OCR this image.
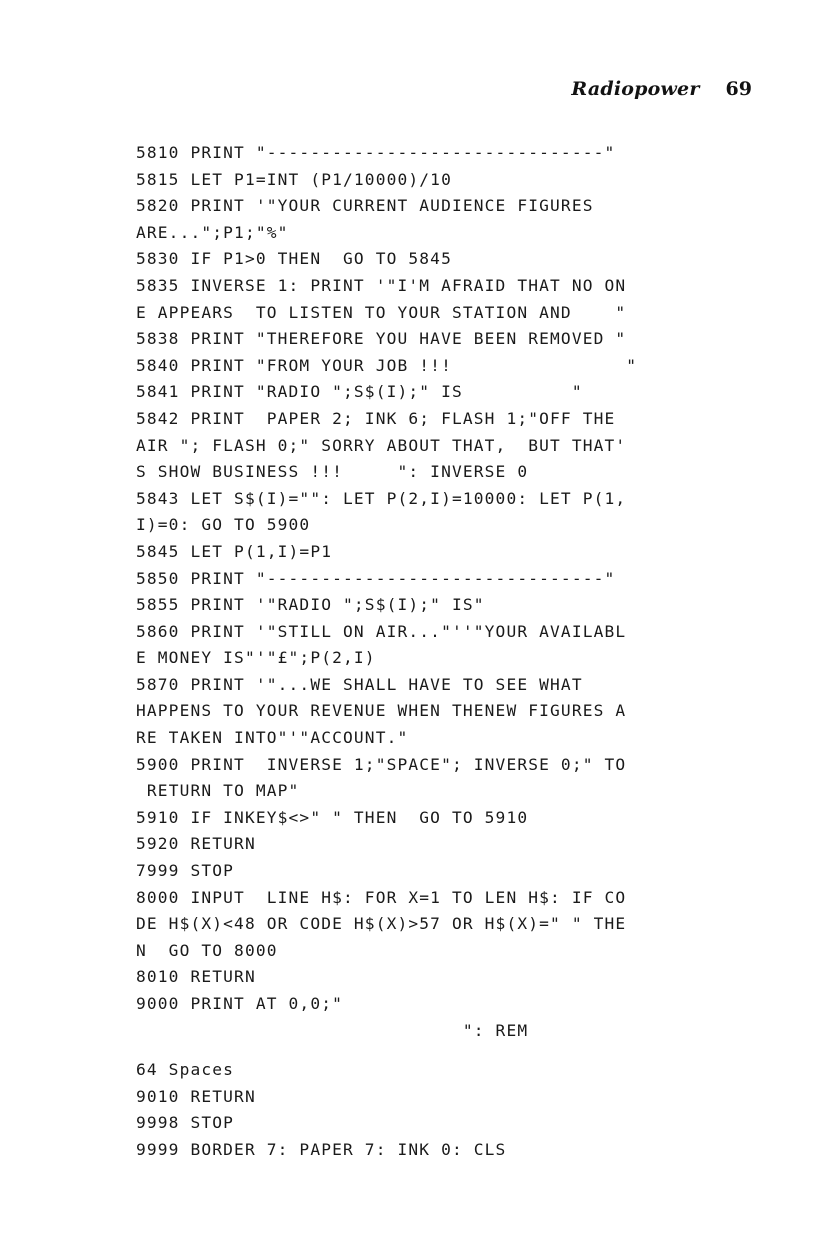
Radiopower 69
5810 PRINT "-------------------------------"
5815 LET P1=INT (P1/10000)/10
5820 PRINT '"YOUR CURRENT AUDIENCE FIGURES
ARE...";P1;"%"
5830 IF P1>0 THEN  GO TO 5845
5835 INVERSE 1: PRINT '"I'M AFRAID THAT NO ON
E APPEARS  TO LISTEN TO YOUR STATION AND    "
5838 PRINT "THEREFORE YOU HAVE BEEN REMOVED "
5840 PRINT "FROM YOUR JOB !!!                "
5841 PRINT "RADIO ";S$(I);" IS          "
5842 PRINT  PAPER 2; INK 6; FLASH 1;"OFF THE
AIR "; FLASH 0;" SORRY ABOUT THAT,  BUT THAT'
S SHOW BUSINESS !!!     ": INVERSE 0
5843 LET S$(I)="": LET P(2,I)=10000: LET P(1,
I)=0: GO TO 5900
5845 LET P(1,I)=P1
5850 PRINT "-------------------------------"
5855 PRINT '"RADIO ";S$(I);" IS"
5860 PRINT '"STILL ON AIR..."''"YOUR AVAILABL
E MONEY IS"'"£";P(2,I)
5870 PRINT '"...WE SHALL HAVE TO SEE WHAT
HAPPENS TO YOUR REVENUE WHEN THENEW FIGURES A
RE TAKEN INTO"'"ACCOUNT."
5900 PRINT  INVERSE 1;"SPACE"; INVERSE 0;" TO
RETURN TO MAP"
5910 IF INKEY$<>" " THEN  GO TO 5910
5920 RETURN
7999 STOP
8000 INPUT  LINE H$: FOR X=1 TO LEN H$: IF CO
DE H$(X)<48 OR CODE H$(X)>57 OR H$(X)=" " THE
N  GO TO 8000
8010 RETURN
9000 PRINT AT 0,0;"
": REM
64 Spaces
9010 RETURN
9998 STOP
9999 BORDER 7: PAPER 7: INK 0: CLS
